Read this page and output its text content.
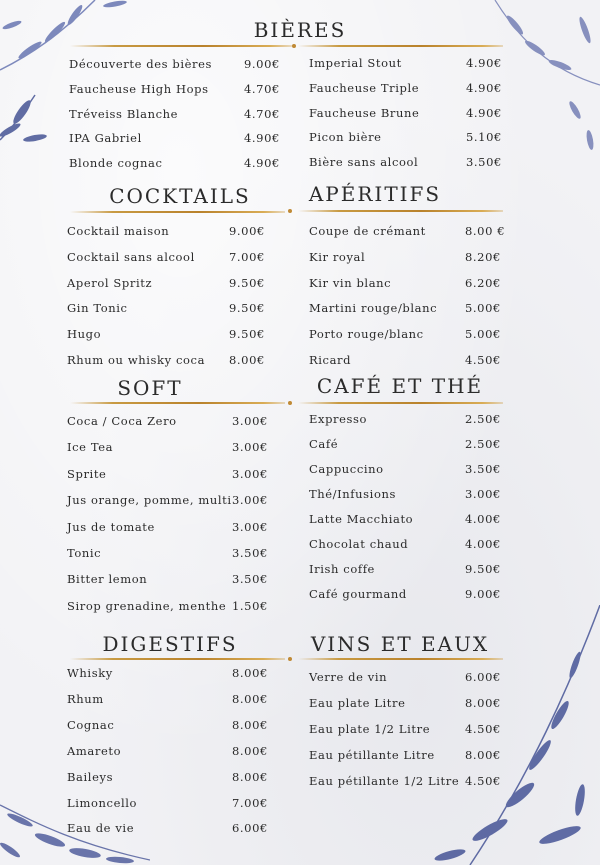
BIÈRES
COCKTAILS	APÉRITIFS
SOFT	CAFÉ ET THÉ
DIGESTIFS	VINS ET EAUX
Découverte des bières	9.00€
Faucheuse High Hops	4.70€
Tréveiss Blanche	4.70€
IPA Gabriel	4.90€
Blonde cognac	4.90€
Imperial Stout	4.90€
Faucheuse Triple	4.90€
Faucheuse Brune	4.90€
Picon bière	5.10€
Bière sans alcool	3.50€
Cocktail maison	9.00€
Cocktail sans alcool	7.00€
Aperol Spritz	9.50€
Gin Tonic	9.50€
Hugo	9.50€
Rhum ou whisky coca 8.00€
Coupe de crémant	8.00 €
Kir royal	8.20€
Kir vin blanc	6.20€
Martini rouge/blanc 5.00€
Porto rouge/blanc	5.00€
Ricard	4.50€
Coca / Coca Zero	3.00€
Ice Tea	3.00€
Sprite	3.00€
Jus orange, pomme, multi 3.00€
Jus de tomate	3.00€
Tonic	3.50€
Bitter lemon	3.50€
Sirop grenadine, menthe 1.50€
Expresso	2.50€
Café	2.50€
Cappuccino	3.50€
Thé/Infusions	3.00€
Latte Macchiato	4.00€
Chocolat chaud	4.00€
Irish coffe	9.50€
Café gourmand	9.00€
Whisky	8.00€
Rhum	8.00€
Cognac	8.00€
Amareto	8.00€
Baileys	8.00€
Limoncello	7.00€
Eau de vie	6.00€
Verre de vin	6.00€
Eau plate Litre	8.00€
Eau plate 1/2 Litre	4.50€
Eau pétillante Litre	8.00€
Eau pétillante 1/2 Litre 4.50€
